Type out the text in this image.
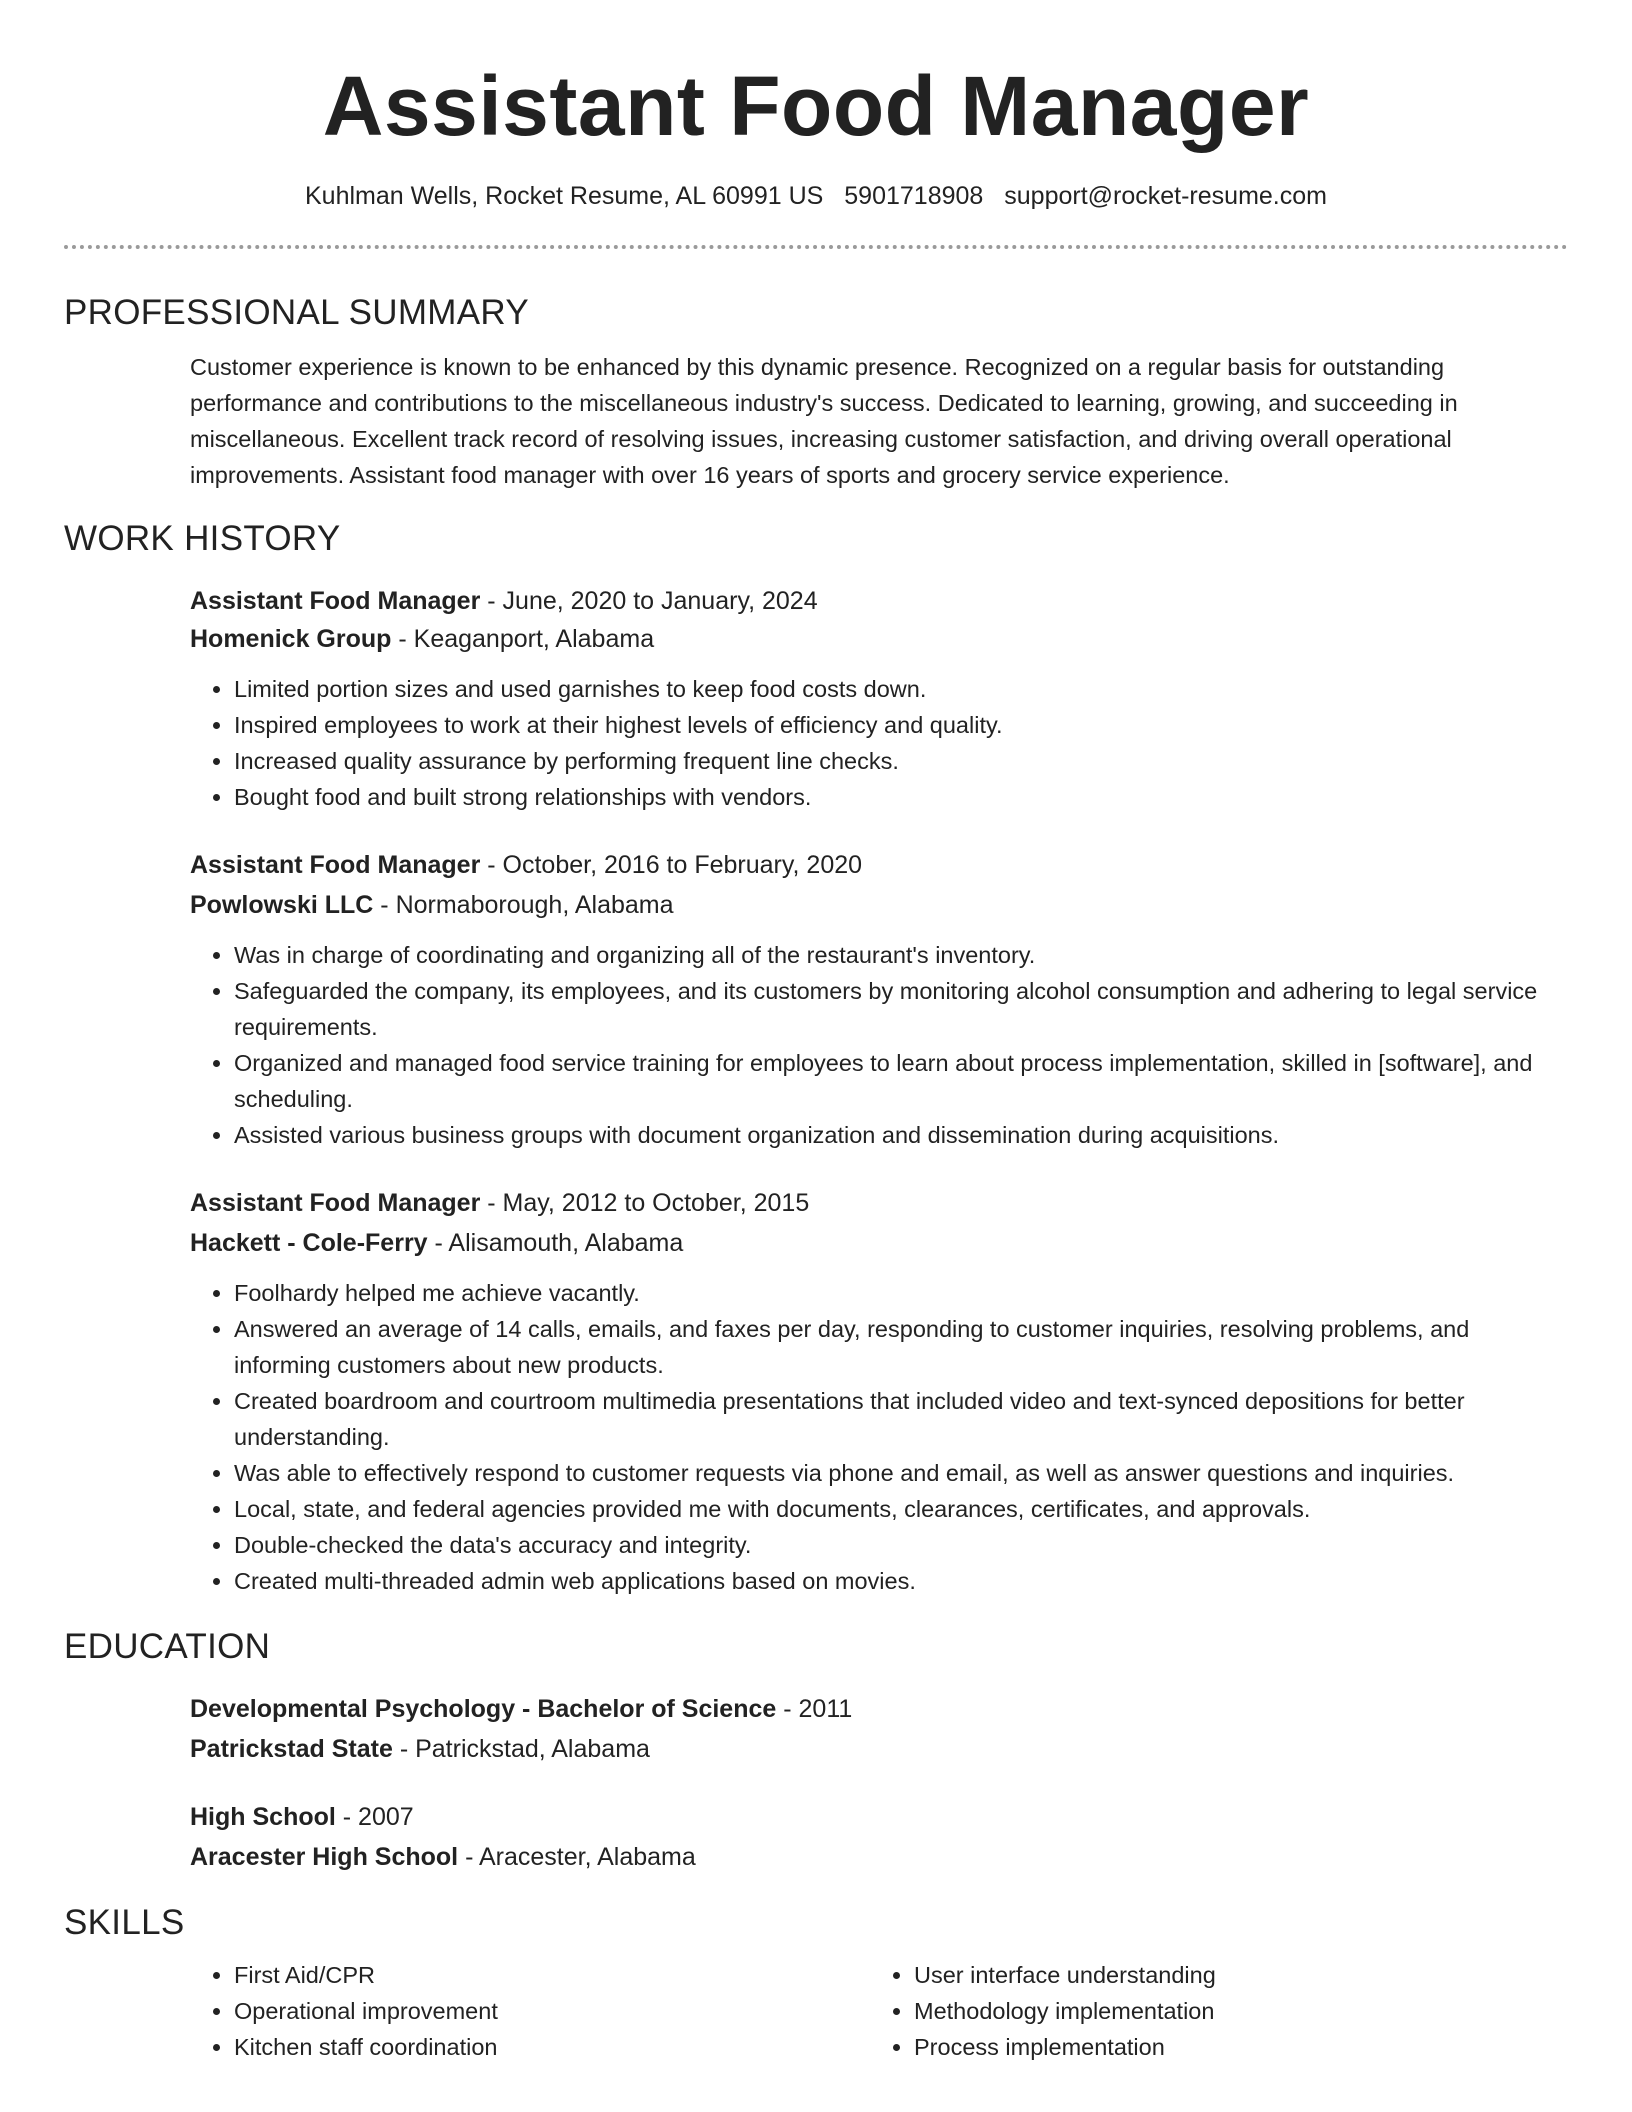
Assistant Food Manager
Kuhlman Wells, Rocket Resume, AL 60991 US 5901718908 support@rocket-resume.com
PROFESSIONAL SUMMARY

Customer experience is known to be enhanced by this dynamic presence. Recognized on a regular basis for outstanding performance and contributions to the miscellaneous industry's success. Dedicated to learning, growing, and succeeding in miscellaneous. Excellent track record of resolving issues, increasing customer satisfaction, and driving overall operational improvements. Assistant food manager with over 16 years of sports and grocery service experience.

WORK HISTORY
Assistant Food Manager - June, 2020 to January, 2024
Homenick Group - Keaganport, Alabama
• Limited portion sizes and used garnishes to keep food costs down.
• Inspired employees to work at their highest levels of efficiency and quality.
• Increased quality assurance by performing frequent line checks.
• Bought food and built strong relationships with vendors.
Assistant Food Manager - October, 2016 to February, 2020
Powlowski LLC - Normaborough, Alabama
• Was in charge of coordinating and organizing all of the restaurant's inventory.
• Safeguarded the company, its employees, and its customers by monitoring alcohol consumption and adhering to legal service requirements.
• Organized and managed food service training for employees to learn about process implementation, skilled in [software], and scheduling.
• Assisted various business groups with document organization and dissemination during acquisitions.
Assistant Food Manager - May, 2012 to October, 2015
Hackett - Cole-Ferry - Alisamouth, Alabama
• Foolhardy helped me achieve vacantly.
• Answered an average of 14 calls, emails, and faxes per day, responding to customer inquiries, resolving problems, and informing customers about new products.
• Created boardroom and courtroom multimedia presentations that included video and text-synced depositions for better understanding.
• Was able to effectively respond to customer requests via phone and email, as well as answer questions and inquiries.
• Local, state, and federal agencies provided me with documents, clearances, certificates, and approvals.
• Double-checked the data's accuracy and integrity.
• Created multi-threaded admin web applications based on movies.
EDUCATION
Developmental Psychology - Bachelor of Science - 2011
Patrickstad State - Patrickstad, Alabama
High School - 2007
Aracester High School - Aracester, Alabama
SKILLS
• First Aid/CPR
• Operational improvement
• Kitchen staff coordination
• User interface understanding
• Methodology implementation
• Process implementation
